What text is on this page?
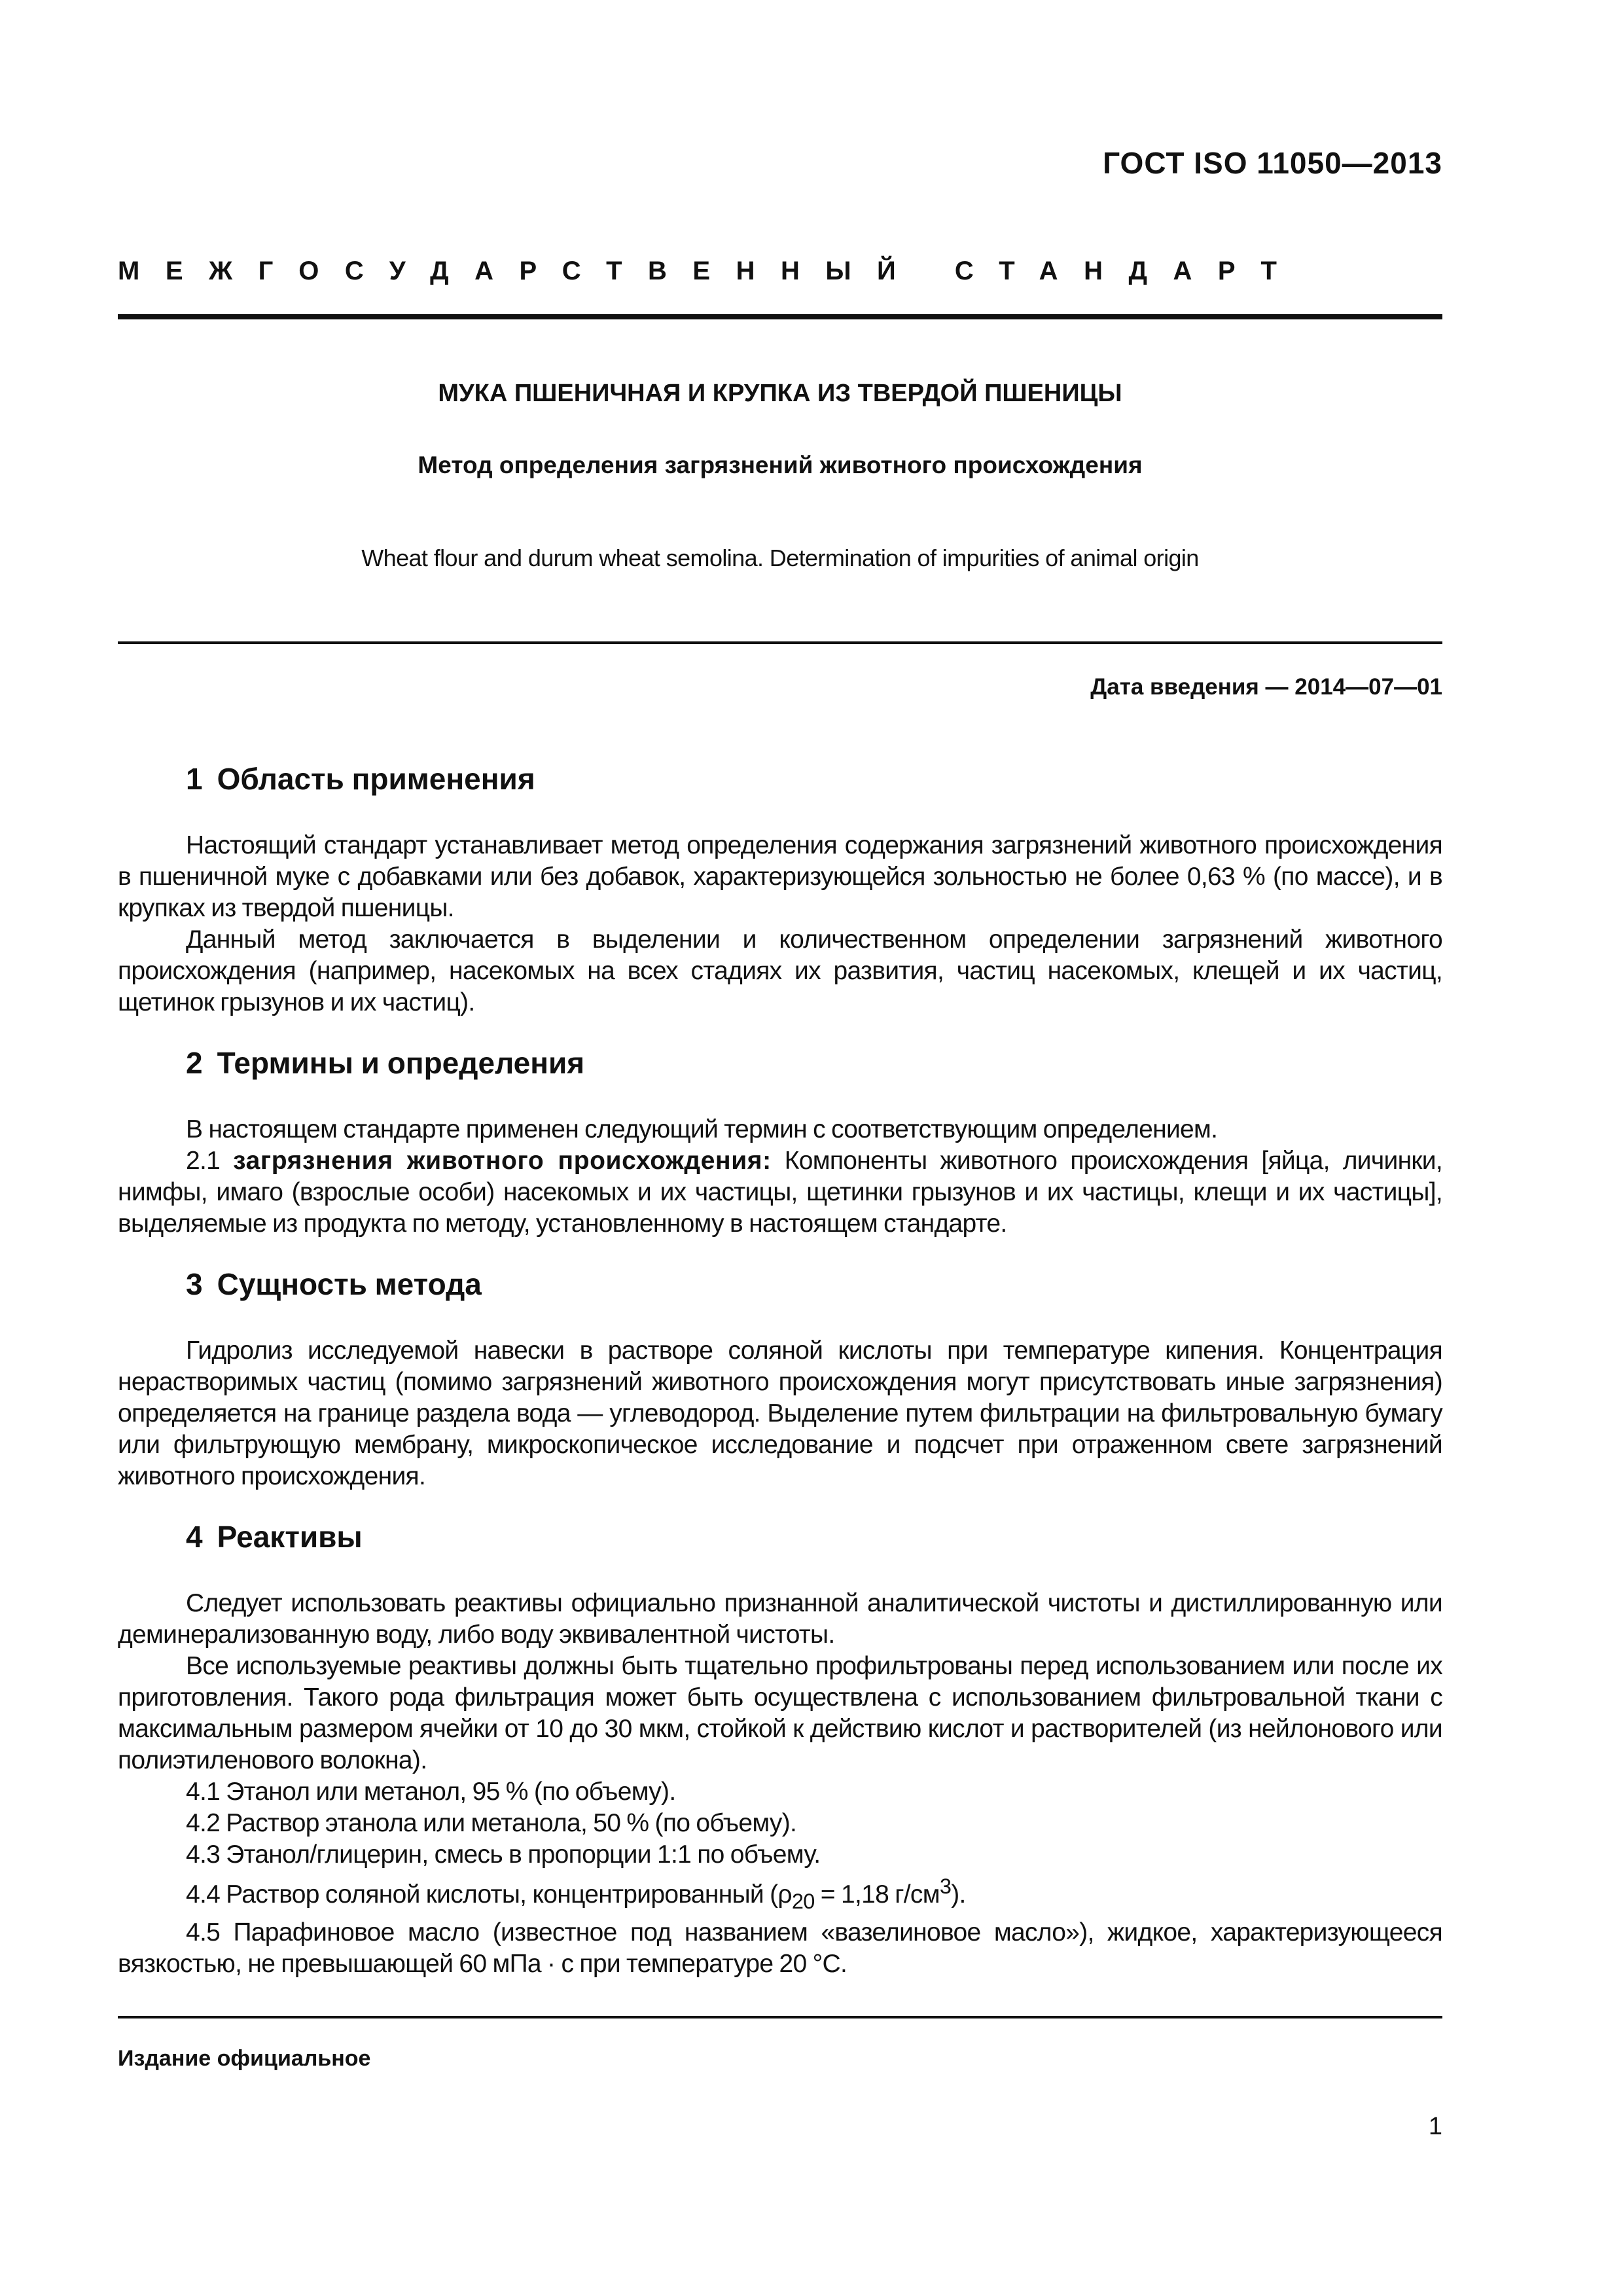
ГОСТ ISO 11050—2013
МЕЖГОСУДАРСТВЕННЫЙ СТАНДАРТ
МУКА ПШЕНИЧНАЯ И КРУПКА ИЗ ТВЕРДОЙ ПШЕНИЦЫ
Метод определения загрязнений животного происхождения
Wheat flour and durum wheat semolina. Determination of impurities of animal origin
Дата введения — 2014—07—01
1 Область применения

Настоящий стандарт устанавливает метод определения содержания загрязнений животного происхождения в пшеничной муке с добавками или без добавок, характеризующейся зольностью не более 0,63 % (по массе), и в крупках из твердой пшеницы.

Данный метод заключается в выделении и количественном определении загрязнений животного происхождения (например, насекомых на всех стадиях их развития, частиц насекомых, клещей и их частиц, щетинок грызунов и их частиц).

2 Термины и определения

В настоящем стандарте применен следующий термин с соответствующим определением.

2.1 загрязнения животного происхождения: Компоненты животного происхождения [яйца, личинки, нимфы, имаго (взрослые особи) насекомых и их частицы, щетинки грызунов и их частицы, клещи и их частицы], выделяемые из продукта по методу, установленному в настоящем стандарте.

3 Сущность метода

Гидролиз исследуемой навески в растворе соляной кислоты при температуре кипения. Концентрация нерастворимых частиц (помимо загрязнений животного происхождения могут присутствовать иные загрязнения) определяется на границе раздела вода — углеводород. Выделение путем фильтрации на фильтровальную бумагу или фильтрующую мембрану, микроскопическое исследование и подсчет при отраженном свете загрязнений животного происхождения.

4 Реактивы

Следует использовать реактивы официально признанной аналитической чистоты и дистиллированную или деминерализованную воду, либо воду эквивалентной чистоты.

Все используемые реактивы должны быть тщательно профильтрованы перед использованием или после их приготовления. Такого рода фильтрация может быть осуществлена с использованием фильтровальной ткани с максимальным размером ячейки от 10 до 30 мкм, стойкой к действию кислот и растворителей (из нейлонового или полиэтиленового волокна).

4.1 Этанол или метанол, 95 % (по объему).

4.2 Раствор этанола или метанола, 50 % (по объему).

4.3 Этанол/глицерин, смесь в пропорции 1:1 по объему.

4.4 Раствор соляной кислоты, концентрированный ($\rho_{20} = 1,18$ $г/см^3$).

4.5 Парафиновое масло (известное под названием «вазелиновое масло»), жидкое, характеризующееся вязкостью, не превышающей 60 мПа · с при температуре 20 °С.

Издание официальное
1
